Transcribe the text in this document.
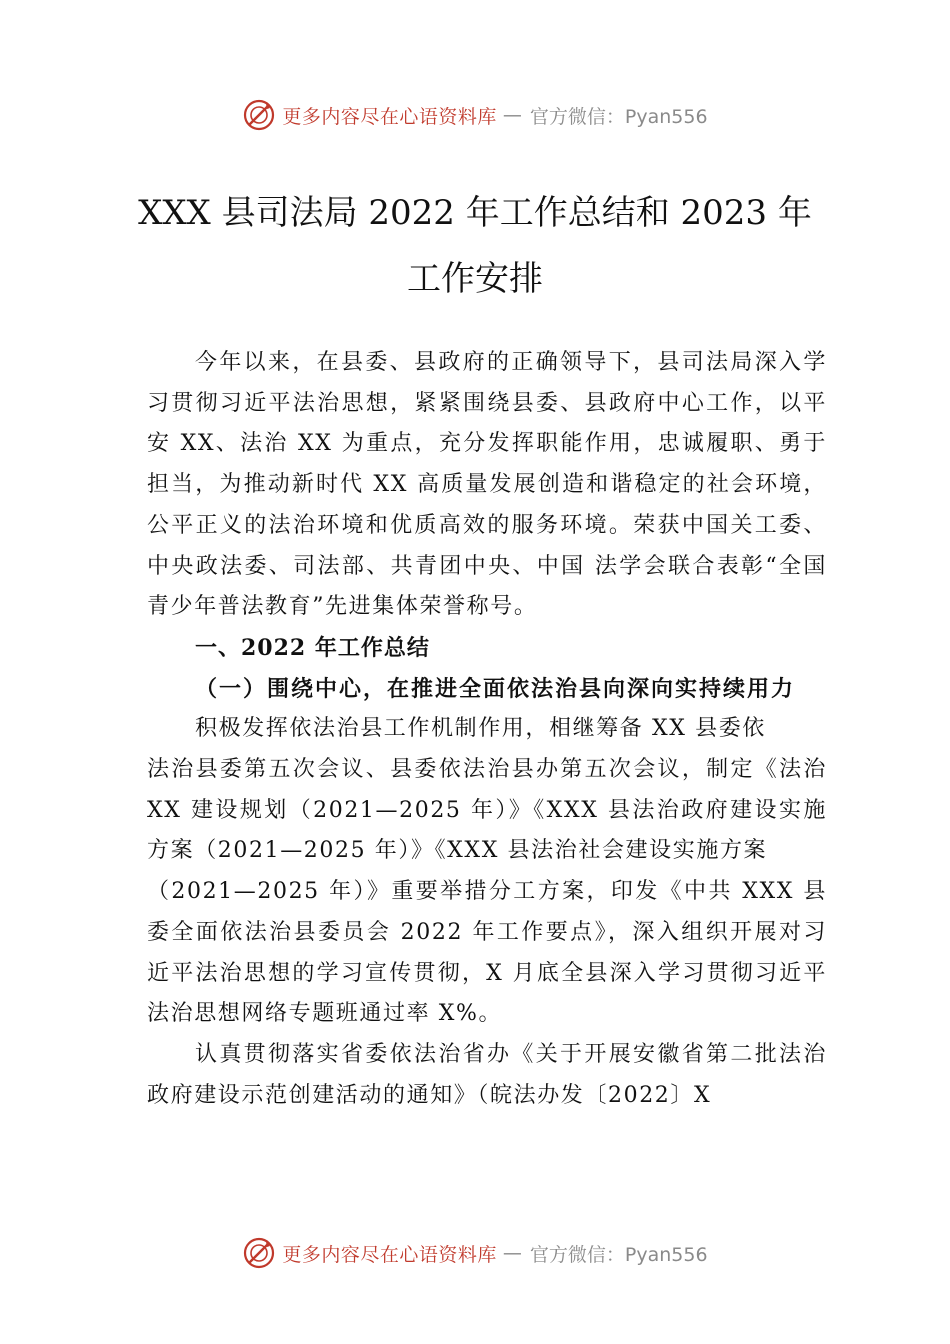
更多内容尽在心语资料库 — 官方微信：Pyan556
XXX 县司法局 2022 年工作总结和 2023 年
工作安排

今年以来，在县委、县政府的正确领导下，县司法局深入学习贯彻习近平法治思想，紧紧围绕县委、县政府中心工作，以平安 XX、法治 XX 为重点，充分发挥职能作用，忠诚履职、勇于担当，为推动新时代 XX 高质量发展创造和谐稳定的社会环境，公平正义的法治环境和优质高效的服务环境。荣获中国关工委、中央政法委、司法部、共青团中央、中国 法学会联合表彰“全国青少年普法教育”先进集体荣誉称号。

一、2022 年工作总结

（一）围绕中心，在推进全面依法治县向深向实持续用力

积极发挥依法治县工作机制作用，相继筹备 XX 县委依
法治县委第五次会议、县委依法治县办第五次会议，制定《法治 XX 建设规划（2021—2025 年）》《XXX 县法治政府建设实施方案（2021—2025 年）》《XXX 县法治社会建设实施方案
（2021—2025 年）》重要举措分工方案，印发《中共 XXX 县委全面依法治县委员会 2022 年工作要点》，深入组织开展对习近平法治思想的学习宣传贯彻，X 月底全县深入学习贯彻习近平法治思想网络专题班通过率 X%。

认真贯彻落实省委依法治省办《关于开展安徽省第二批法治政府建设示范创建活动的通知》（皖法办发〔2022〕X

更多内容尽在心语资料库 — 官方微信：Pyan556
